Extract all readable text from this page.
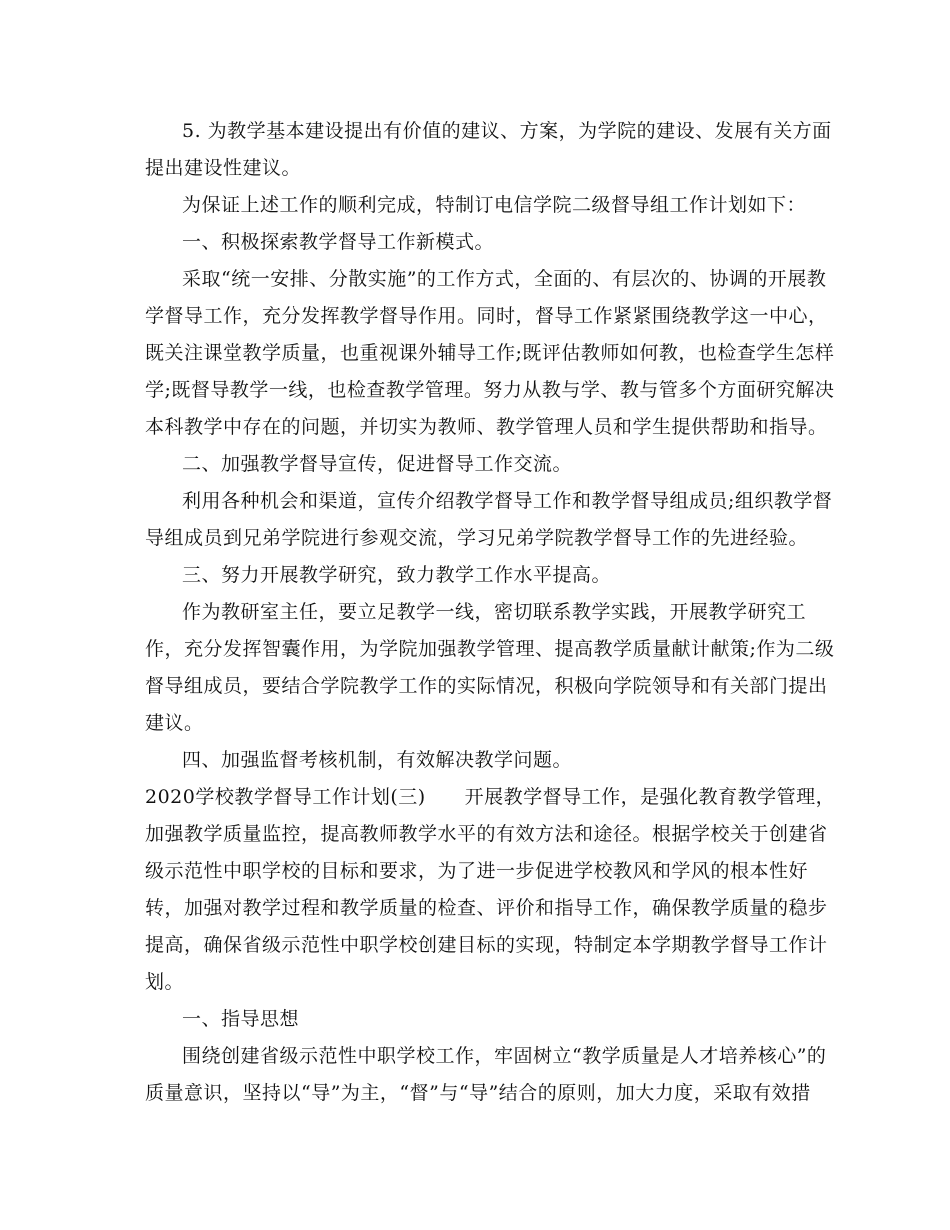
5. 为教学基本建设提出有价值的建议、方案，为学院的建设、发展有关方面
提出建设性建议。
为保证上述工作的顺利完成，特制订电信学院二级督导组工作计划如下：
一、积极探索教学督导工作新模式。
采取“统一安排、分散实施”的工作方式，全面的、有层次的、协调的开展教
学督导工作，充分发挥教学督导作用。同时，督导工作紧紧围绕教学这一中心，
既关注课堂教学质量，也重视课外辅导工作;既评估教师如何教，也检查学生怎样
学;既督导教学一线，也检查教学管理。努力从教与学、教与管多个方面研究解决
本科教学中存在的问题，并切实为教师、教学管理人员和学生提供帮助和指导。
二、加强教学督导宣传，促进督导工作交流。
利用各种机会和渠道，宣传介绍教学督导工作和教学督导组成员;组织教学督
导组成员到兄弟学院进行参观交流，学习兄弟学院教学督导工作的先进经验。
三、努力开展教学研究，致力教学工作水平提高。
作为教研室主任，要立足教学一线，密切联系教学实践，开展教学研究工
作，充分发挥智囊作用，为学院加强教学管理、提高教学质量献计献策;作为二级
督导组成员，要结合学院教学工作的实际情况，积极向学院领导和有关部门提出
建议。
四、加强监督考核机制，有效解决教学问题。
2020学校教学督导工作计划(三)　　开展教学督导工作，是强化教育教学管理，
加强教学质量监控，提高教师教学水平的有效方法和途径。根据学校关于创建省
级示范性中职学校的目标和要求，为了进一步促进学校教风和学风的根本性好
转，加强对教学过程和教学质量的检查、评价和指导工作，确保教学质量的稳步
提高，确保省级示范性中职学校创建目标的实现，特制定本学期教学督导工作计
划。
一、指导思想
围绕创建省级示范性中职学校工作，牢固树立“教学质量是人才培养核心”的
质量意识，坚持以“导”为主，“督”与“导”结合的原则，加大力度，采取有效措
